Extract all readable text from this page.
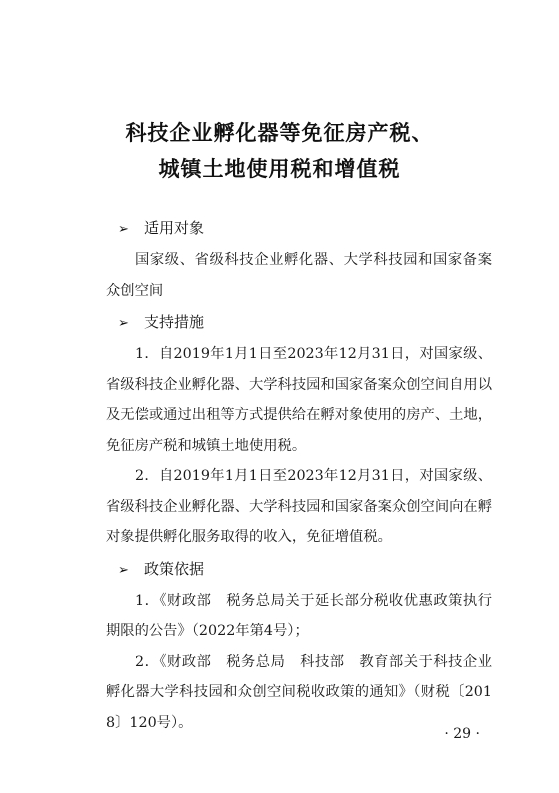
科技企业孵化器等免征房产税、
城镇土地使用税和增值税
➢ 适用对象

国家级、省级科技企业孵化器、大学科技园和国家备案众创空间

➢ 支持措施

1．自2019年1月1日至2023年12月31日，对国家级、省级科技企业孵化器、大学科技园和国家备案众创空间自用以及无偿或通过出租等方式提供给在孵对象使用的房产、土地，免征房产税和城镇土地使用税。

2．自2019年1月1日至2023年12月31日，对国家级、省级科技企业孵化器、大学科技园和国家备案众创空间向在孵对象提供孵化服务取得的收入，免征增值税。

➢ 政策依据

1．《财政部　税务总局关于延长部分税收优惠政策执行期限的公告》（2022年第4号）；

2．《财政部　税务总局　科技部　教育部关于科技企业孵化器大学科技园和众创空间税收政策的通知》（财税〔2018〕120号）。

· 29 ·
